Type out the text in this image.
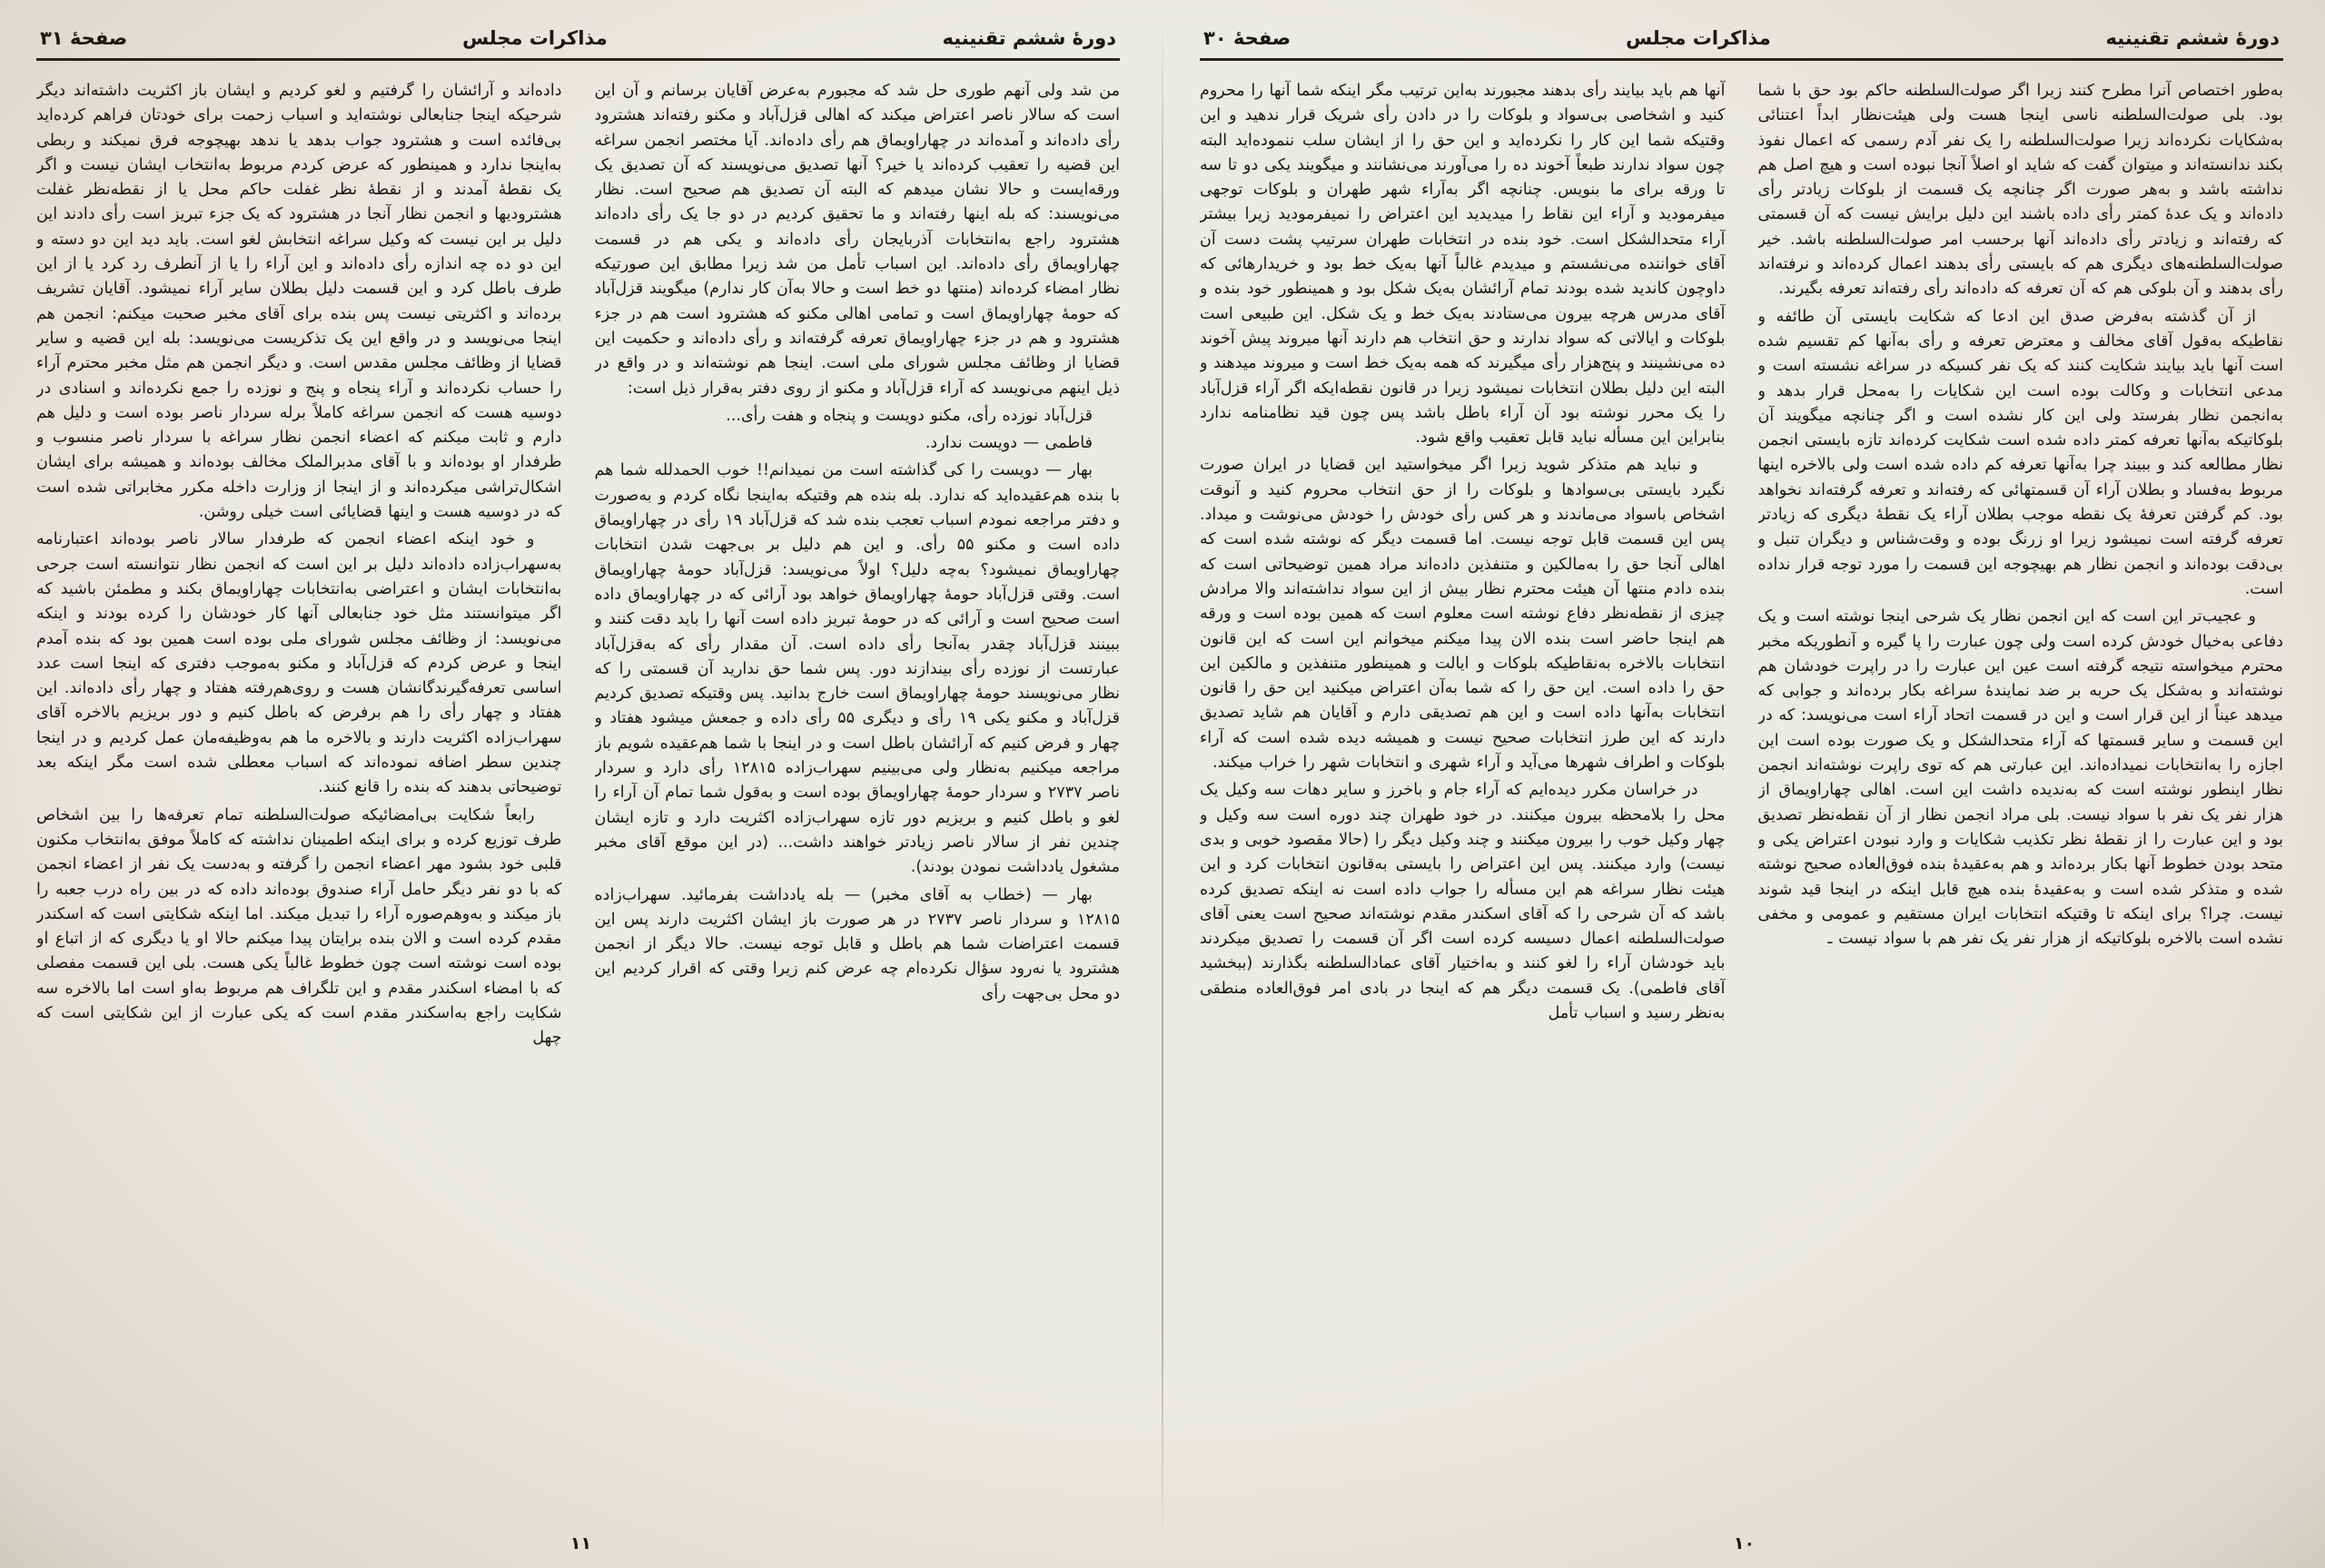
دورهٔ ششم تقنینیه
مذاکرات مجلس
صفحهٔ ۳۰

به‌طور اختصاص آنرا مطرح کنند زیرا اگر صولت‌السلطنه حاکم بود حق با شما بود. بلی صولت‌السلطنه ناسی اینجا هست ولی هیئت‌نظار ابداً اعتنائی به‌شکایات نکرده‌اند زیرا صولت‌السلطنه را یک نفر آدم رسمی که اعمال نفوذ بکند ندانسته‌اند و میتوان گفت که شاید او اصلاً آنجا نبوده است و هیچ اصل هم نداشته باشد و به‌هر صورت اگر چنانچه یک قسمت از بلوکات زیادتر رأی داده‌اند و یک عدهٔ کمتر رأی داده باشند این دلیل برایش نیست که آن قسمتی که رفته‌اند و زیادتر رأی داده‌اند آنها برحسب امر صولت‌السلطنه باشد. خیر صولت‌السلطنه‌های دیگری هم که بایستی رأی بدهند اعمال کرده‌اند و نرفته‌اند رأی بدهند و آن بلوکی هم که آن تعرفه که داده‌اند رأی رفته‌اند تعرفه بگیرند.

از آن گذشته به‌فرض صدق این ادعا که شکایت بایستی آن طائفه و نقاطیکه به‌قول آقای مخالف و معترض تعرفه و رأی به‌آنها کم تقسیم شده است آنها باید بیایند شکایت کنند که یک نفر کسیکه در سراغه نشسته است و مدعی انتخابات و وکالت بوده است این شکایات را به‌محل قرار بدهد و به‌انجمن نظار بفرستد ولی این کار نشده است و اگر چنانچه میگویند آن بلوکاتیکه به‌آنها تعرفه کمتر داده شده است شکایت کرده‌اند تازه بایستی انجمن نظار مطالعه کند و ببیند چرا به‌آنها تعرفه کم داده شده است ولی بالاخره اینها مربوط به‌فساد و بطلان آراء آن قسمتهائی که رفته‌اند و تعرفه گرفته‌اند نخواهد بود. کم گرفتن تعرفهٔ یک نقطه موجب بطلان آراء یک نقطهٔ دیگری که زیادتر تعرفه گرفته است نمیشود زیرا او زرنگ بوده و وقت‌شناس و دیگران تنبل و بی‌دقت بوده‌اند و انجمن نظار هم بهیچوجه این قسمت را مورد توجه قرار نداده است.

و عجیب‌تر این است که این انجمن نظار یک شرحی اینجا نوشته است و یک دفاعی به‌خیال خودش کرده است ولی چون عبارت را پا گیره و آنطوریکه مخبر محترم میخواسته نتیجه گرفته است عین این عبارت را در راپرت خودشان هم نوشته‌اند و به‌شکل یک حربه بر ضد نمایندهٔ سراغه بکار برده‌اند و جوابی که میدهد عیناً از این قرار است و این در قسمت اتحاد آراء است می‌نویسد: که در این قسمت و سایر قسمتها که آراء متحدالشکل و یک صورت بوده است این اجازه را به‌انتخابات نمیداده‌اند. این عبارتی هم که توی راپرت نوشته‌اند انجمن نظار اینطور نوشته است که به‌ندیده داشت این است. اهالی چهاراویماق از هزار نفر یک نفر با سواد نیست. بلی مراد انجمن نظار از آن نقطه‌نظر تصدیق بود و این عبارت را از نقطهٔ نظر تکذیب شکایات و وارد نبودن اعتراض یکی و متحد بودن خطوط آنها بکار برده‌اند و هم به‌عقیدهٔ بنده فوق‌العاده صحیح نوشته شده و متذکر شده است و به‌عقیدهٔ بنده هیچ قابل اینکه در اینجا قید شوند نیست. چرا؟ برای اینکه تا وقتیکه انتخابات ایران مستقیم و عمومی و مخفی نشده است بالاخره بلوکاتیکه از هزار نفر یک نفر هم با سواد نیست ـ

آنها هم باید بیایند رأی بدهند مجبورند به‌این ترتیب مگر اینکه شما آنها را محروم کنید و اشخاصی بی‌سواد و بلوکات را در دادن رأی شریک قرار ندهید و این وقتیکه شما این کار را نکرده‌اید و این حق را از ایشان سلب ننموده‌اید البته چون سواد ندارند طبعاً آخوند ده را می‌آورند می‌نشانند و میگویند یکی دو تا سه تا ورقه برای ما بنویس. چنانچه اگر به‌آراء شهر طهران و بلوکات توجهی میفرمودید و آراء این نقاط را میدیدید این اعتراض را نمیفرمودید زیرا بیشتر آراء متحدالشکل است. خود بنده در انتخابات طهران سرتیپ پشت دست آن آقای خواننده می‌نشستم و میدیدم غالباً آنها به‌یک خط بود و خریدارهائی که داوچون کاندید شده بودند تمام آرائشان به‌یک شکل بود و همینطور خود بنده و آقای مدرس هرچه بیرون می‌ستادند به‌یک خط و یک شکل. این طبیعی است بلوکات و ایالاتی که سواد ندارند و حق انتخاب هم دارند آنها میروند پیش آخوند ده می‌نشینند و پنج‌هزار رأی میگیرند که همه به‌یک خط است و میروند میدهند و البته این دلیل بطلان انتخابات نمیشود زیرا در قانون نقطه‌ایکه اگر آراء قزل‌آباد را یک محرر نوشته بود آن آراء باطل باشد پس چون قید نظامنامه ندارد بنابراین این مسأله نباید قابل تعقیب واقع شود.

و نباید هم متذکر شوید زیرا اگر میخواستید این قضایا در ایران صورت نگیرد بایستی بی‌سوادها و بلوکات را از حق انتخاب محروم کنید و آنوقت اشخاص باسواد می‌ماندند و هر کس رأی خودش را خودش می‌نوشت و میداد. پس این قسمت قابل توجه نیست. اما قسمت دیگر که نوشته شده است که اهالی آنجا حق را به‌مالکین و متنفذین داده‌اند مراد همین توضیحاتی است که بنده دادم منتها آن هیئت محترم نظار بیش از این سواد نداشته‌اند والا مرادش چیزی از نقطه‌نظر دفاع نوشته است معلوم است که همین بوده است و ورقه هم اینجا حاضر است بنده الان پیدا میکنم میخوانم این است که این قانون انتخابات بالاخره به‌نقاطیکه بلوکات و ایالت و همینطور متنفذین و مالکین این حق را داده است. این حق را که شما به‌آن اعتراض میکنید این حق را قانون انتخابات به‌آنها داده است و این هم تصدیقی دارم و آقایان هم شاید تصدیق دارند که این طرز انتخابات صحیح نیست و همیشه دیده شده است که آراء بلوکات و اطراف شهرها می‌آید و آراء شهری و انتخابات شهر را خراب میکند.

در خراسان مکرر دیده‌ایم که آراء جام و باخرز و سایر دهات سه وکیل یک محل را بلامحظه بیرون میکنند. در خود طهران چند دوره است سه وکیل و چهار وکیل خوب را بیرون میکنند و چند وکیل دیگر را (حالا مقصود خوبی و بدی نیست) وارد میکنند. پس این اعتراض را بایستی به‌قانون انتخابات کرد و این هیئت نظار سراغه هم این مسأله را جواب داده است نه اینکه تصدیق کرده باشد که آن شرحی را که آقای اسکندر مقدم نوشته‌اند صحیح است یعنی آقای صولت‌السلطنه اعمال دسیسه کرده است اگر آن قسمت را تصدیق میکردند باید خودشان آراء را لغو کنند و به‌اختیار آقای عمادالسلطنه بگذارند (ببخشید آقای فاطمی). یک قسمت دیگر هم که اینجا در بادی امر فوق‌العاده منطقی به‌نظر رسید و اسباب تأمل

۱۰
دورهٔ ششم تقنینیه
مذاکرات مجلس
صفحهٔ ۳۱

من شد ولی آنهم طوری حل شد که مجبورم به‌عرض آقایان برسانم و آن این است که سالار ناصر اعتراض میکند که اهالی قزل‌آباد و مکنو رفته‌اند هشترود رأی داده‌اند و آمده‌اند در چهاراویماق هم رأی داده‌اند. آیا مختصر انجمن سراغه این قضیه را تعقیب کرده‌اند یا خیر؟ آنها تصدیق می‌نویسند که آن تصدیق یک ورقه‌ایست و حالا نشان میدهم که البته آن تصدیق هم صحیح است. نظار می‌نویسند: که بله اینها رفته‌اند و ما تحقیق کردیم در دو جا یک رأی داده‌اند هشترود راجع به‌انتخابات آذربایجان رأی داده‌اند و یکی هم در قسمت چهاراویماق رأی داده‌اند. این اسباب تأمل من شد زیرا مطابق این صورتیکه نظار امضاء کرده‌اند (منتها دو خط است و حالا به‌آن کار ندارم) میگویند قزل‌آباد که حومهٔ چهاراویماق است و تمامی اهالی مکنو که هشترود است هم در جزء هشترود و هم در جزء چهاراویماق تعرفه گرفته‌اند و رأی داده‌اند و حکمیت این قضایا از وظائف مجلس شورای ملی است. اینجا هم نوشته‌اند و در واقع در ذیل اینهم می‌نویسد که آراء قزل‌آباد و مکنو از روی دفتر به‌قرار ذیل است:

قزل‌آباد نوزده رأی، مکنو دویست و پنجاه و هفت رأی...

فاطمی — دویست ندارد.

بهار — دویست را کی گذاشته است من نمیدانم!! خوب الحمدلله شما هم با بنده هم‌عقیده‌اید که ندارد. بله بنده هم وقتیکه به‌اینجا نگاه کردم و به‌صورت و دفتر مراجعه نمودم اسباب تعجب بنده شد که قزل‌آباد ۱۹ رأی در چهاراویماق داده است و مکنو ۵۵ رأی. و این هم دلیل بر بی‌جهت شدن انتخابات چهاراویماق نمیشود؟ به‌چه دلیل؟ اولاً می‌نویسد: قزل‌آباد حومهٔ چهاراویماق است. وقتی قزل‌آباد حومهٔ چهاراویماق خواهد بود آرائی که در چهاراویماق داده است صحیح است و آرائی که در حومهٔ تبریز داده است آنها را باید دقت کنند و ببینند قزل‌آباد چقدر به‌آنجا رأی داده است. آن مقدار رأی که به‌قزل‌آباد عبارتست از نوزده رأی بیندازند دور. پس شما حق ندارید آن قسمتی را که نظار می‌نویسند حومهٔ چهاراویماق است خارج بدانید. پس وقتیکه تصدیق کردیم قزل‌آباد و مکنو یکی ۱۹ رأی و دیگری ۵۵ رأی داده و جمعش میشود هفتاد و چهار و فرض کنیم که آرائشان باطل است و در اینجا با شما هم‌عقیده شویم باز مراجعه میکنیم به‌نظار ولی می‌بینیم سهراب‌زاده ۱۲۸۱۵ رأی دارد و سردار ناصر ۲۷۳۷ و سردار حومهٔ چهاراویماق بوده است و به‌قول شما تمام آن آراء را لغو و باطل کنیم و بریزیم دور تازه سهراب‌زاده اکثریت دارد و تازه ایشان چندین نفر از سالار ناصر زیادتر خواهند داشت... (در این موقع آقای مخبر مشغول یادداشت نمودن بودند).

بهار — (خطاب به آقای مخبر) — بله یادداشت بفرمائید. سهراب‌زاده ۱۲۸۱۵ و سردار ناصر ۲۷۳۷ در هر صورت باز ایشان اکثریت دارند پس این قسمت اعتراضات شما هم باطل و قابل توجه نیست. حالا دیگر از انجمن هشترود یا نه‌رود سؤال نکرده‌ام چه عرض کنم زیرا وقتی که اقرار کردیم این دو محل بی‌جهت رأی

داده‌اند و آرائشان را گرفتیم و لغو کردیم و ایشان باز اکثریت داشته‌اند دیگر شرحیکه اینجا جنابعالی نوشته‌اید و اسباب زحمت برای خودتان فراهم کرده‌اید بی‌فائده است و هشترود جواب بدهد یا ندهد بهیچوجه فرق نمیکند و ربطی به‌اینجا ندارد و همینطور که عرض کردم مربوط به‌انتخاب ایشان نیست و اگر یک نقطهٔ آمدند و از نقطهٔ نظر غفلت حاکم محل یا از نقطه‌نظر غفلت هشترودیها و انجمن نظار آنجا در هشترود که یک جزء تبریز است رأی دادند این دلیل بر این نیست که وکیل سراغه انتخابش لغو است. باید دید این دو دسته و این دو ده چه اندازه رأی داده‌اند و این آراء را یا از آنطرف رد کرد یا از این طرف باطل کرد و این قسمت دلیل بطلان سایر آراء نمیشود. آقایان تشریف برده‌اند و اکثریتی نیست پس بنده برای آقای مخبر صحبت میکنم: انجمن هم اینجا می‌نویسد و در واقع این یک تذکریست می‌نویسد: بله این قضیه و سایر قضایا از وظائف مجلس مقدس است. و دیگر انجمن هم مثل مخبر محترم آراء را حساب نکرده‌اند و آراء پنجاه و پنج و نوزده را جمع نکرده‌اند و اسنادی در دوسیه هست که انجمن سراغه کاملاً برله سردار ناصر بوده است و دلیل هم دارم و ثابت میکنم که اعضاء انجمن نظار سراغه با سردار ناصر منسوب و طرفدار او بوده‌اند و با آقای مدبرالملک مخالف بوده‌اند و همیشه برای ایشان اشکال‌تراشی میکرده‌اند و از اینجا از وزارت داخله مکرر مخابراتی شده است که در دوسیه هست و اینها قضایائی است خیلی روشن.

و خود اینکه اعضاء انجمن که طرفدار سالار ناصر بوده‌اند اعتبارنامه به‌سهراب‌زاده داده‌اند دلیل بر این است که انجمن نظار نتوانسته است جرحی به‌انتخابات ایشان و اعتراضی به‌انتخابات چهاراویماق بکند و مطمئن باشید که اگر میتوانستند مثل خود جنابعالی آنها کار خودشان را کرده بودند و اینکه می‌نویسد: از وظائف مجلس شورای ملی بوده است همین بود که بنده آمدم اینجا و عرض کردم که قزل‌آباد و مکنو به‌موجب دفتری که اینجا است عدد اساسی تعرفه‌گیرندگانشان هست و روی‌هم‌رفته هفتاد و چهار رأی داده‌اند. این هفتاد و چهار رأی را هم برفرض که باطل کنیم و دور بریزیم بالاخره آقای سهراب‌زاده اکثریت دارند و بالاخره ما هم به‌وظیفه‌مان عمل کردیم و در اینجا چندین سطر اضافه نموده‌اند که اسباب معطلی شده است مگر اینکه بعد توضیحاتی بدهند که بنده را قانع کنند.

رابعاً شکایت بی‌امضائیکه صولت‌السلطنه تمام تعرفه‌ها را بین اشخاص طرف توزیع کرده و برای اینکه اطمینان نداشته که کاملاً موفق به‌انتخاب مکنون قلبی خود بشود مهر اعضاء انجمن را گرفته و به‌دست یک نفر از اعضاء انجمن که با دو نفر دیگر حامل آراء صندوق بوده‌اند داده که در بین راه درب جعبه را باز میکند و به‌وهم‌صوره آراء را تبدیل میکند. اما اینکه شکایتی است که اسکندر مقدم کرده است و الان بنده برایتان پیدا میکنم حالا او یا دیگری که از اتباع او بوده است نوشته است چون خطوط غالباً یکی هست. بلی این قسمت مفصلی که با امضاء اسکندر مقدم و این تلگراف هم مربوط به‌او است اما بالاخره سه شکایت راجع به‌اسکندر مقدم است که یکی عبارت از این شکایتی است که چهل

۱۱
